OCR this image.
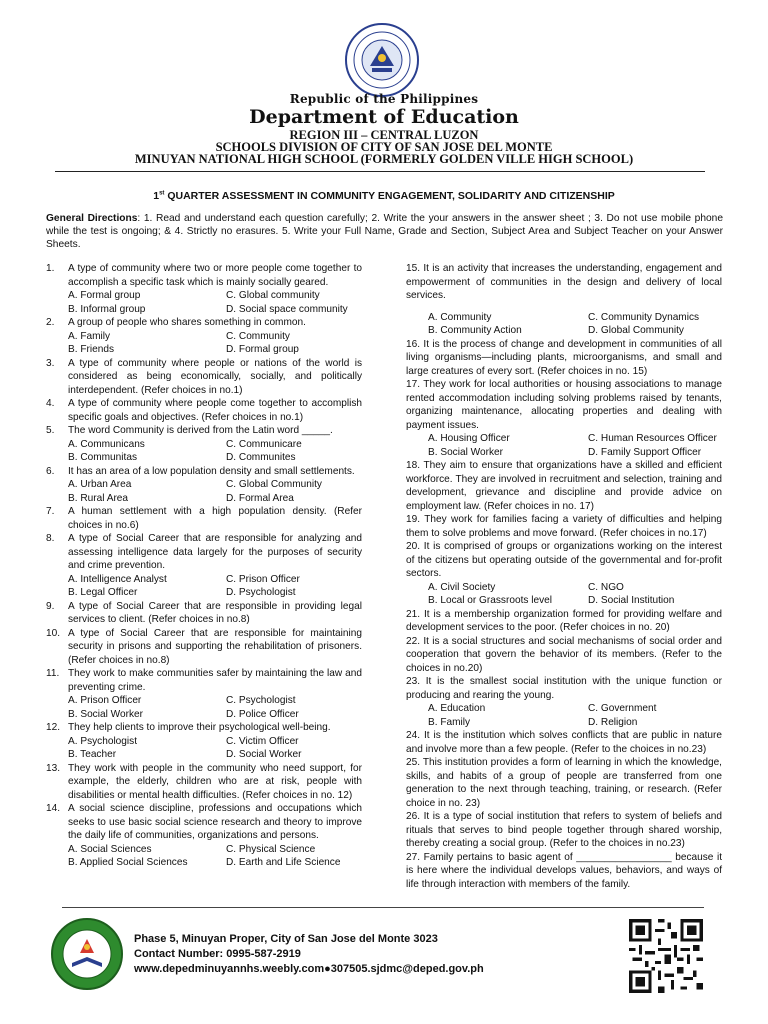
Republic of the Philippines
Department of Education
REGION III – CENTRAL LUZON
SCHOOLS DIVISION OF CITY OF SAN JOSE DEL MONTE
MINUYAN NATIONAL HIGH SCHOOL (FORMERLY GOLDEN VILLE HIGH SCHOOL)
1st QUARTER ASSESSMENT IN COMMUNITY ENGAGEMENT, SOLIDARITY AND CITIZENSHIP
General Directions: 1. Read and understand each question carefully; 2. Write the your answers in the answer sheet ; 3. Do not use mobile phone while the test is ongoing; & 4. Strictly no erasures. 5. Write your Full Name, Grade and Section, Subject Area and Subject Teacher on your Answer Sheets.
1. A type of community where two or more people come together to accomplish a specific task which is mainly socially geared.
A. Formal group	C. Global community
B. Informal group	D. Social space community
2. A group of people who shares something in common.
A. Family	C. Community
B. Friends	D. Formal group
3. A type of community where people or nations of the world is considered as being economically, socially, and politically interdependent. (Refer choices in no.1)
4. A type of community where people come together to accomplish specific goals and objectives. (Refer choices in no.1)
5. The word Community is derived from the Latin word _____.
A. Communicans	C. Communicare
B. Communitas	D. Communites
6. It has an area of a low population density and small settlements.
A. Urban Area	C. Global Community
B. Rural Area	D. Formal Area
7. A human settlement with a high population density. (Refer choices in no.6)
8. A type of Social Career that are responsible for analyzing and assessing intelligence data largely for the purposes of security and crime prevention.
A. Intelligence Analyst	C. Prison Officer
B. Legal Officer	D. Psychologist
9. A type of Social Career that are responsible in providing legal services to client. (Refer choices in no.8)
10. A type of Social Career that are responsible for maintaining security in prisons and supporting the rehabilitation of prisoners. (Refer choices in no.8)
11. They work to make communities safer by maintaining the law and preventing crime.
A. Prison Officer	C. Psychologist
B. Social Worker	D. Police Officer
12. They help clients to improve their psychological well-being.
A. Psychologist	C. Victim Officer
B. Teacher	D. Social Worker
13. They work with people in the community who need support, for example, the elderly, children who are at risk, people with disabilities or mental health difficulties. (Refer choices in no. 12)
14. A social science discipline, professions and occupations which seeks to use basic social science research and theory to improve the daily life of communities, organizations and persons.
A. Social Sciences	C. Physical Science
B. Applied Social Sciences	D. Earth and Life Science
15. It is an activity that increases the understanding, engagement and empowerment of communities in the design and delivery of local services.
A. Community	C. Community Dynamics
B. Community Action	D. Global Community
16. It is the process of change and development in communities of all living organisms—including plants, microorganisms, and small and large creatures of every sort. (Refer choices in no. 15)
17. They work for local authorities or housing associations to manage rented accommodation including solving problems raised by tenants, organizing maintenance, allocating properties and dealing with payment issues.
A. Housing Officer	C. Human Resources Officer
B. Social Worker	D. Family Support Officer
18. They aim to ensure that organizations have a skilled and efficient workforce. They are involved in recruitment and selection, training and development, grievance and discipline and provide advice on employment law. (Refer choices in no. 17)
19. They work for families facing a variety of difficulties and helping them to solve problems and move forward. (Refer choices in no.17)
20. It is comprised of groups or organizations working on the interest of the citizens but operating outside of the governmental and for-profit sectors.
A. Civil Society	C. NGO
B. Local or Grassroots level	D. Social Institution
21. It is a membership organization formed for providing welfare and development services to the poor. (Refer choices in no. 20)
22. It is a social structures and social mechanisms of social order and cooperation that govern the behavior of its members. (Refer to the choices in no.20)
23. It is the smallest social institution with the unique function or producing and rearing the young.
A. Education	C. Government
B. Family	D. Religion
24. It is the institution which solves conflicts that are public in nature and involve more than a few people. (Refer to the choices in no.23)
25. This institution provides a form of learning in which the knowledge, skills, and habits of a group of people are transferred from one generation to the next through teaching, training, or research. (Refer choice in no. 23)
26. It is a type of social institution that refers to system of beliefs and rituals that serves to bind people together through shared worship, thereby creating a social group. (Refer to the choices in no.23)
27. Family pertains to basic agent of _________________ because it is here where the individual develops values, behaviors, and ways of life through interaction with members of the family.
Phase 5, Minuyan Proper, City of San Jose del Monte 3023
Contact Number: 0995-587-2919
www.depedminuyannhs.weebly.com●307505.sjdmc@deped.gov.ph
